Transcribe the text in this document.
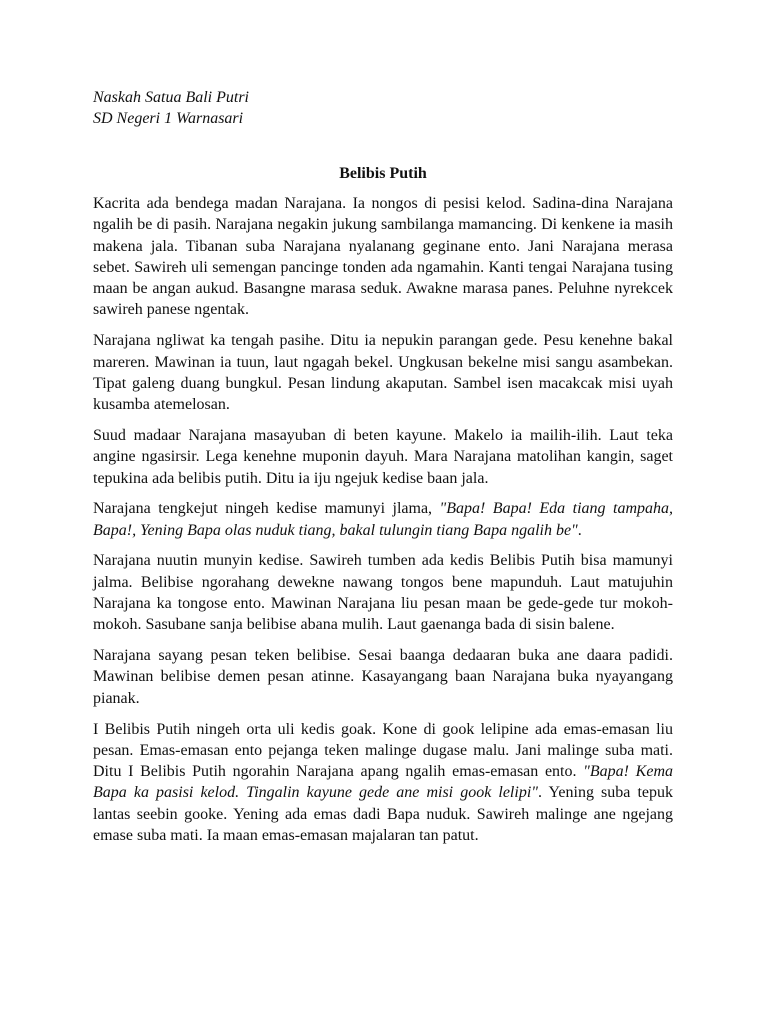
Naskah Satua Bali Putri

SD Negeri 1 Warnasari

Belibis Putih

Kacrita ada bendega madan Narajana. Ia nongos di pesisi kelod. Sadina-dina Narajana ngalih be di pasih. Narajana negakin jukung sambilanga mamancing. Di kenkene ia masih makena jala. Tibanan suba Narajana nyalanang geginane ento. Jani Narajana merasa sebet. Sawireh uli semengan pancinge tonden ada ngamahin. Kanti tengai Narajana tusing maan be angan aukud. Basangne marasa seduk. Awakne marasa panes. Peluhne nyrekcek sawireh panese ngentak.

Narajana ngliwat ka tengah pasihe. Ditu ia nepukin parangan gede. Pesu kenehne bakal mareren. Mawinan ia tuun, laut ngagah bekel. Ungkusan bekelne misi sangu asambekan. Tipat galeng duang bungkul. Pesan lindung akaputan. Sambel isen macakcak misi uyah kusamba atemelosan.

Suud madaar Narajana masayuban di beten kayune. Makelo ia mailih-ilih. Laut teka angine ngasirsir. Lega kenehne muponin dayuh. Mara Narajana matolihan kangin, saget tepukina ada belibis putih. Ditu ia iju ngejuk kedise baan jala.

Narajana tengkejut ningeh kedise mamunyi jlama, "Bapa! Bapa! Eda tiang tampaha, Bapa!, Yening Bapa olas nuduk tiang, bakal tulungin tiang Bapa ngalih be".

Narajana nuutin munyin kedise. Sawireh tumben ada kedis Belibis Putih bisa mamunyi jalma. Belibise ngorahang dewekne nawang tongos bene mapunduh. Laut matujuhin Narajana ka tongose ento. Mawinan Narajana liu pesan maan be gede-gede tur mokoh-mokoh. Sasubane sanja belibise abana mulih. Laut gaenanga bada di sisin balene.

Narajana sayang pesan teken belibise. Sesai baanga dedaaran buka ane daara padidi. Mawinan belibise demen pesan atinne. Kasayangang baan Narajana buka nyayangang pianak.

I Belibis Putih ningeh orta uli kedis goak. Kone di gook lelipine ada emas-emasan liu pesan. Emas-emasan ento pejanga teken malinge dugase malu. Jani malinge suba mati. Ditu I Belibis Putih ngorahin Narajana apang ngalih emas-emasan ento. "Bapa! Kema Bapa ka pasisi kelod. Tingalin kayune gede ane misi gook lelipi". Yening suba tepuk lantas seebin gooke. Yening ada emas dadi Bapa nuduk. Sawireh malinge ane ngejang emase suba mati. Ia maan emas-emasan majalaran tan patut.
